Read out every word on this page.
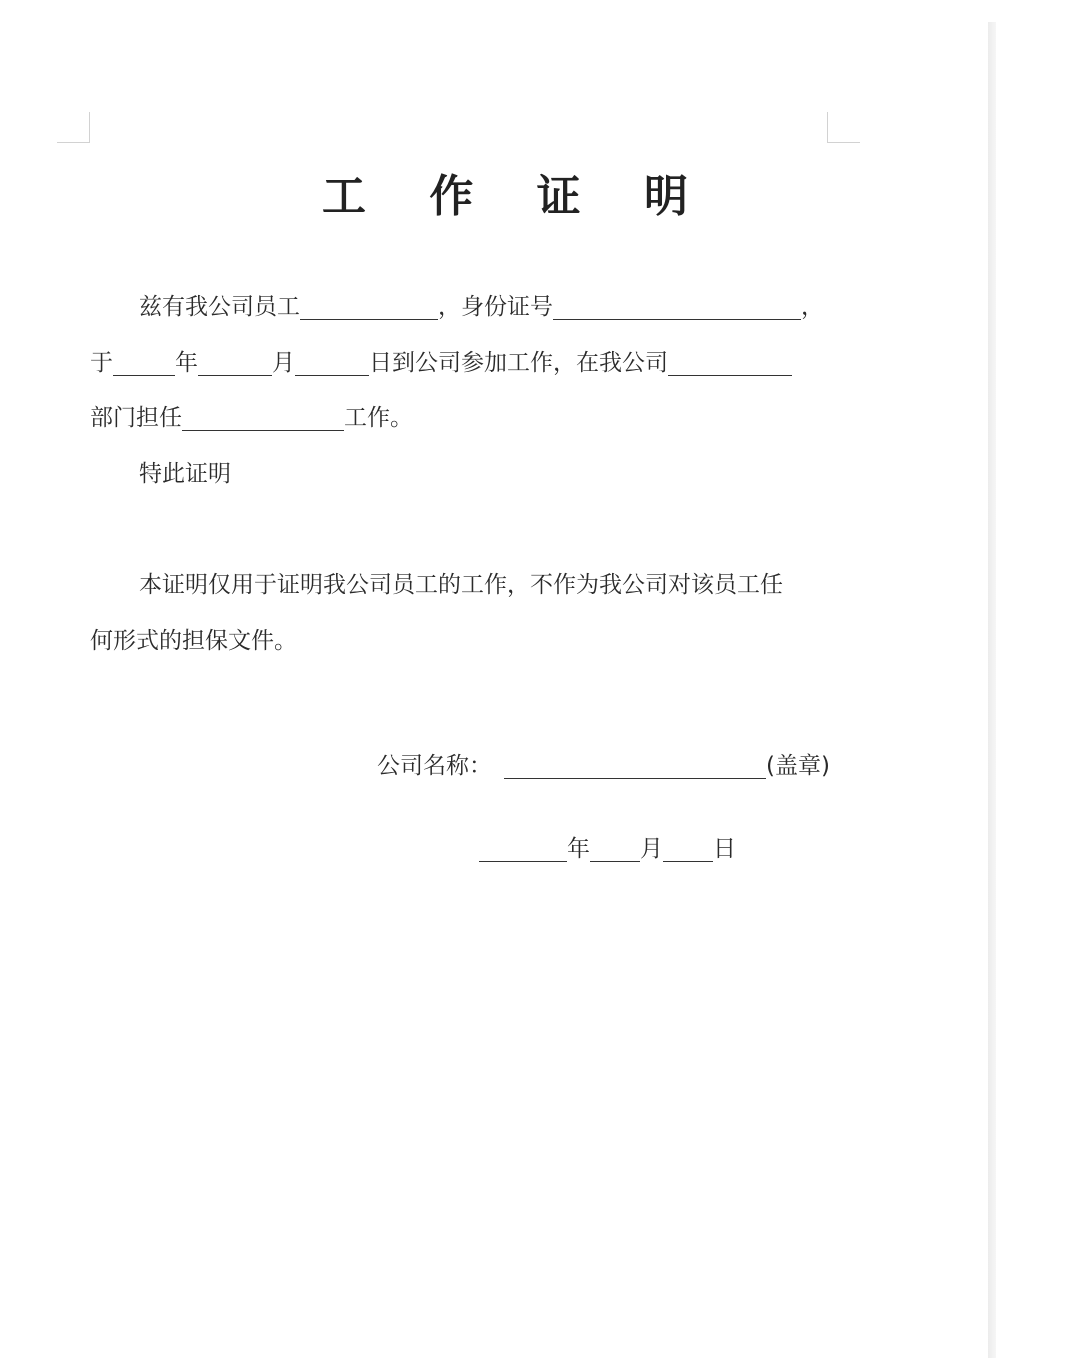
工 作 证 明
兹有我公司员工	，身份证号	，
于	年	月	日到公司参加工作，在我公司
部门担任	工作。
特此证明
本证明仅用于证明我公司员工的工作，不作为我公司对该员工任
何形式的担保文件。
公司名称：	(盖章)
年 月 日
